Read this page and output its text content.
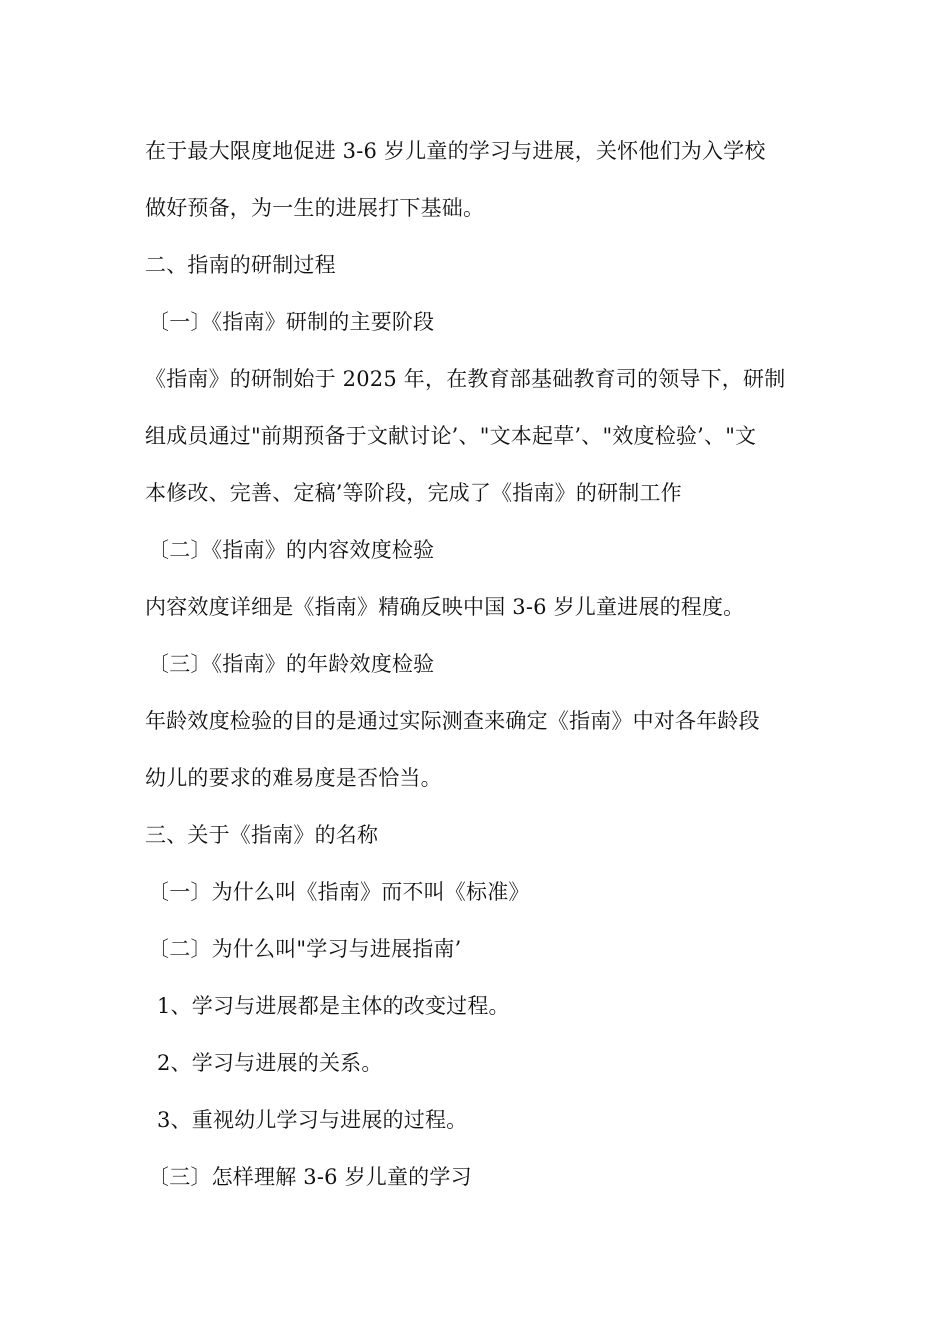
在于最大限度地促进 3-6 岁儿童的学习与进展，关怀他们为入学校
做好预备，为一生的进展打下基础。
二、指南的研制过程
〔一〕《指南》研制的主要阶段
《指南》的研制始于 2025 年，在教育部基础教育司的领导下，研制
组成员通过"前期预备于文献讨论’、"文本起草’、"效度检验’、"文
本修改、完善、定稿’等阶段，完成了《指南》的研制工作
〔二〕《指南》的内容效度检验
内容效度详细是《指南》精确反映中国 3-6 岁儿童进展的程度。
〔三〕《指南》的年龄效度检验
年龄效度检验的目的是通过实际测查来确定《指南》中对各年龄段
幼儿的要求的难易度是否恰当。
三、关于《指南》的名称
〔一〕为什么叫《指南》而不叫《标准》
〔二〕为什么叫"学习与进展指南’
1、学习与进展都是主体的改变过程。
2、学习与进展的关系。
3、重视幼儿学习与进展的过程。
〔三〕怎样理解 3-6 岁儿童的学习
